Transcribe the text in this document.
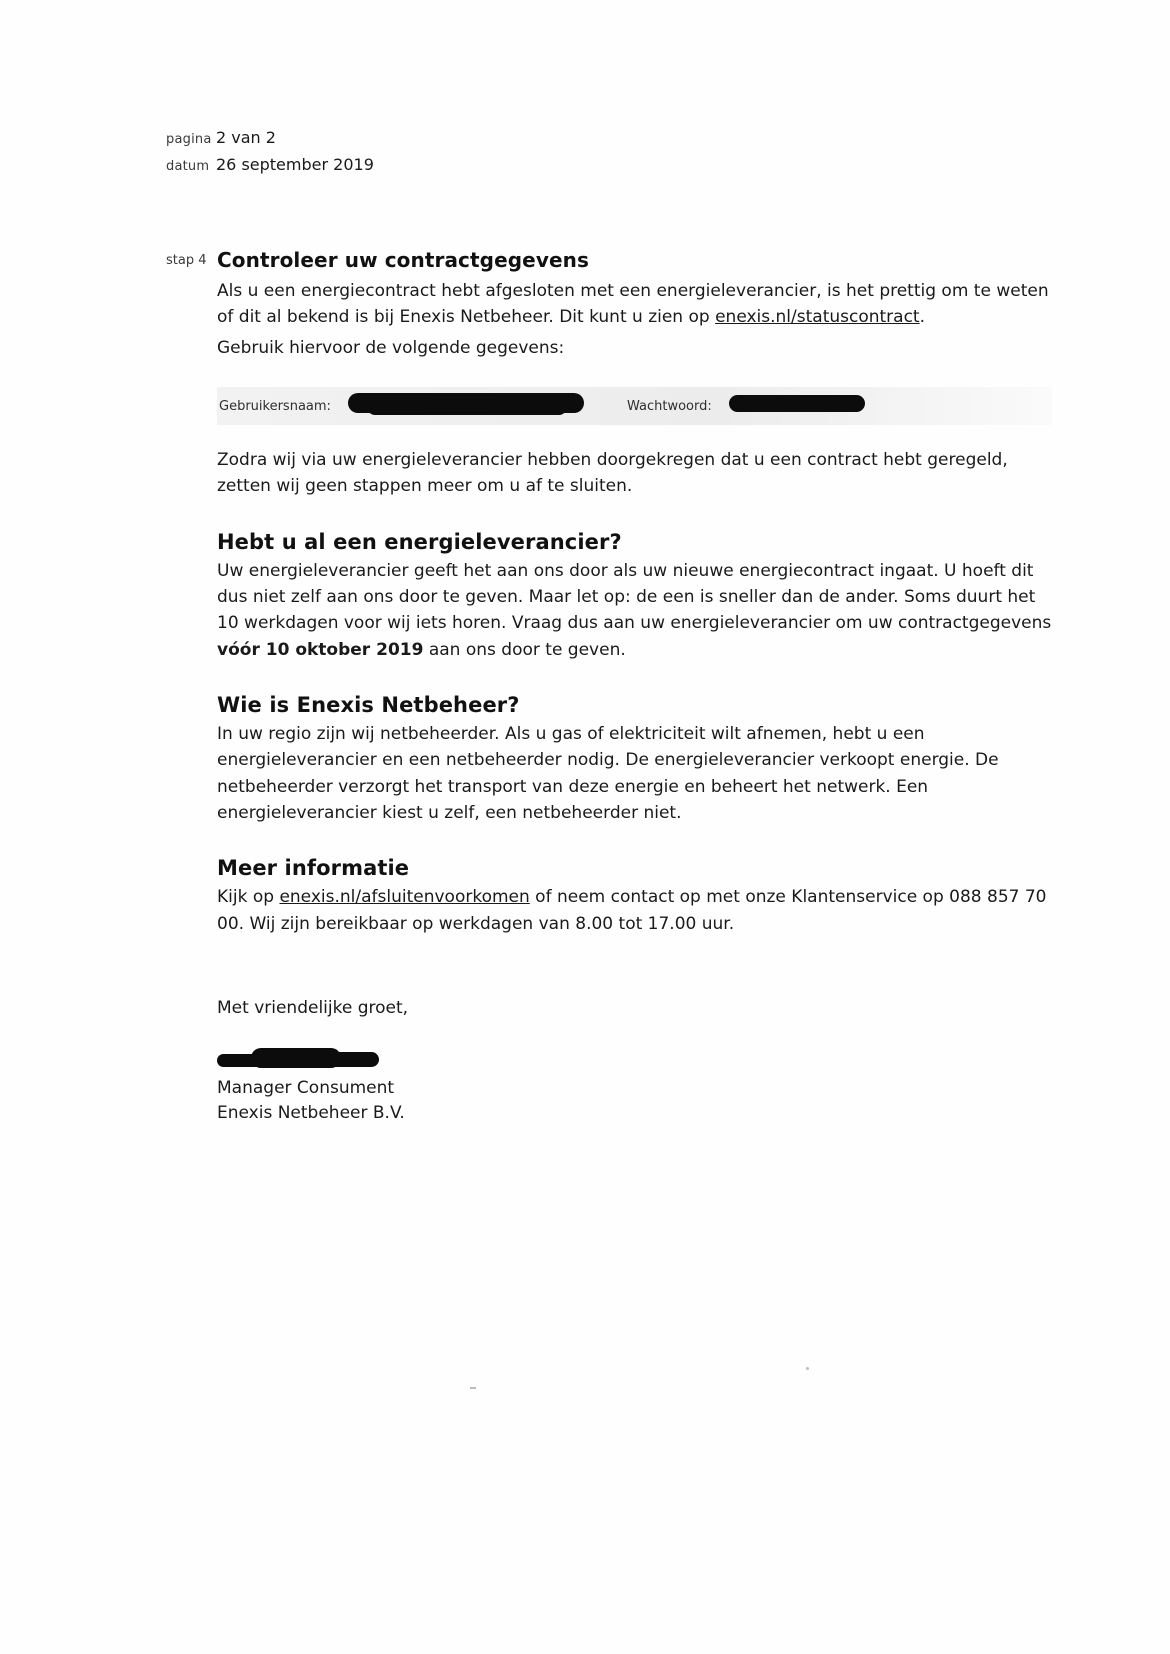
pagina 2 van 2
datum 26 september 2019
stap 4 Controleer uw contractgegevens

Als u een energiecontract hebt afgesloten met een energieleverancier, is het prettig om te weten of dit al bekend is bij Enexis Netbeheer. Dit kunt u zien op enexis.nl/statuscontract.

Gebruik hiervoor de volgende gegevens:

Gebruikersnaam:	Wachtwoord:

Zodra wij via uw energieleverancier hebben doorgekregen dat u een contract hebt geregeld, zetten wij geen stappen meer om u af te sluiten.

Hebt u al een energieleverancier?

Uw energieleverancier geeft het aan ons door als uw nieuwe energiecontract ingaat. U hoeft dit dus niet zelf aan ons door te geven. Maar let op: de een is sneller dan de ander. Soms duurt het 10 werkdagen voor wij iets horen. Vraag dus aan uw energieleverancier om uw contractgegevens vóór 10 oktober 2019 aan ons door te geven.

Wie is Enexis Netbeheer?

In uw regio zijn wij netbeheerder. Als u gas of elektriciteit wilt afnemen, hebt u een energieleverancier en een netbeheerder nodig. De energieleverancier verkoopt energie. De netbeheerder verzorgt het transport van deze energie en beheert het netwerk. Een energieleverancier kiest u zelf, een netbeheerder niet.

Meer informatie

Kijk op enexis.nl/afsluitenvoorkomen of neem contact op met onze Klantenservice op 088 857 70 00. Wij zijn bereikbaar op werkdagen van 8.00 tot 17.00 uur.

Met vriendelijke groet,

Manager Consument
Enexis Netbeheer B.V.
